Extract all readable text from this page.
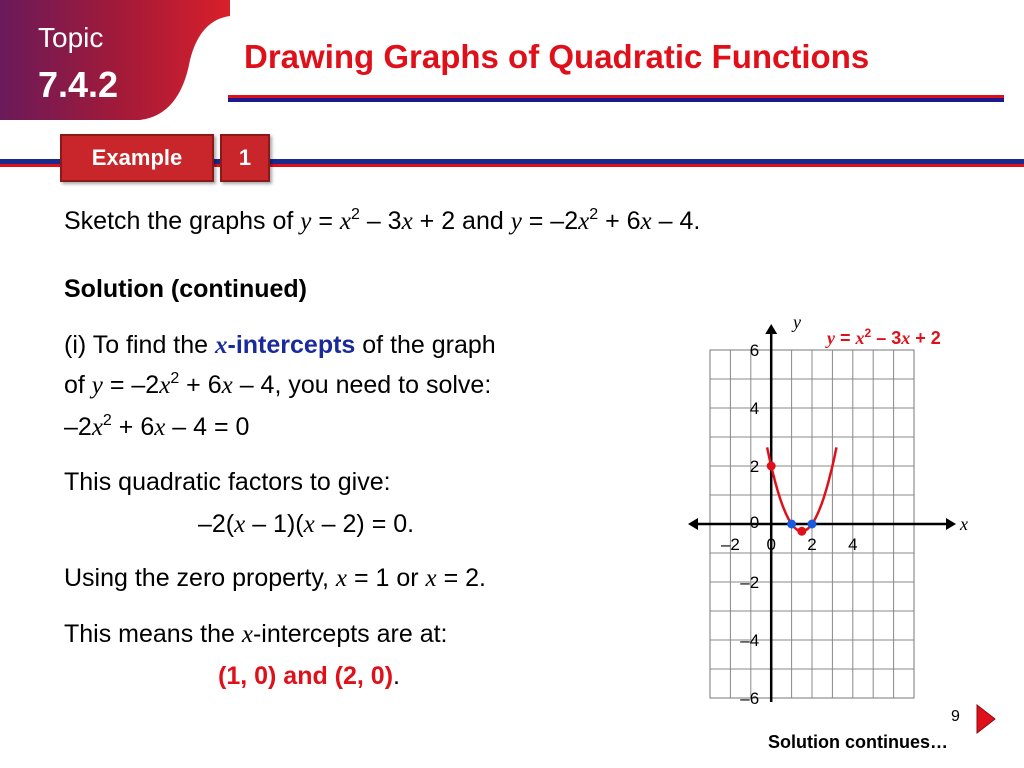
Topic
7.4.2
Drawing Graphs of Quadratic Functions
Example	1
Sketch the graphs of $y = x^2 - 3x + 2$ and $y = -2x^2 + 6x - 4$.
Solution (continued)
(i) To find the x-intercepts of the graph
of $y = -2x^2 + 6x - 4$, you need to solve:
$-2x^2 + 6x - 4 = 0$
This quadratic factors to give:
–2(x – 1)(x – 2) = 0.
Using the zero property, x = 1 or x = 2.
This means the x-intercepts are at:
(1, 0) and (2, 0).
–2 0 2 4
6
4
2
0
–2
–4
–6
x
y
$y = x^2 - 3x + 2$
9
Solution continues…
